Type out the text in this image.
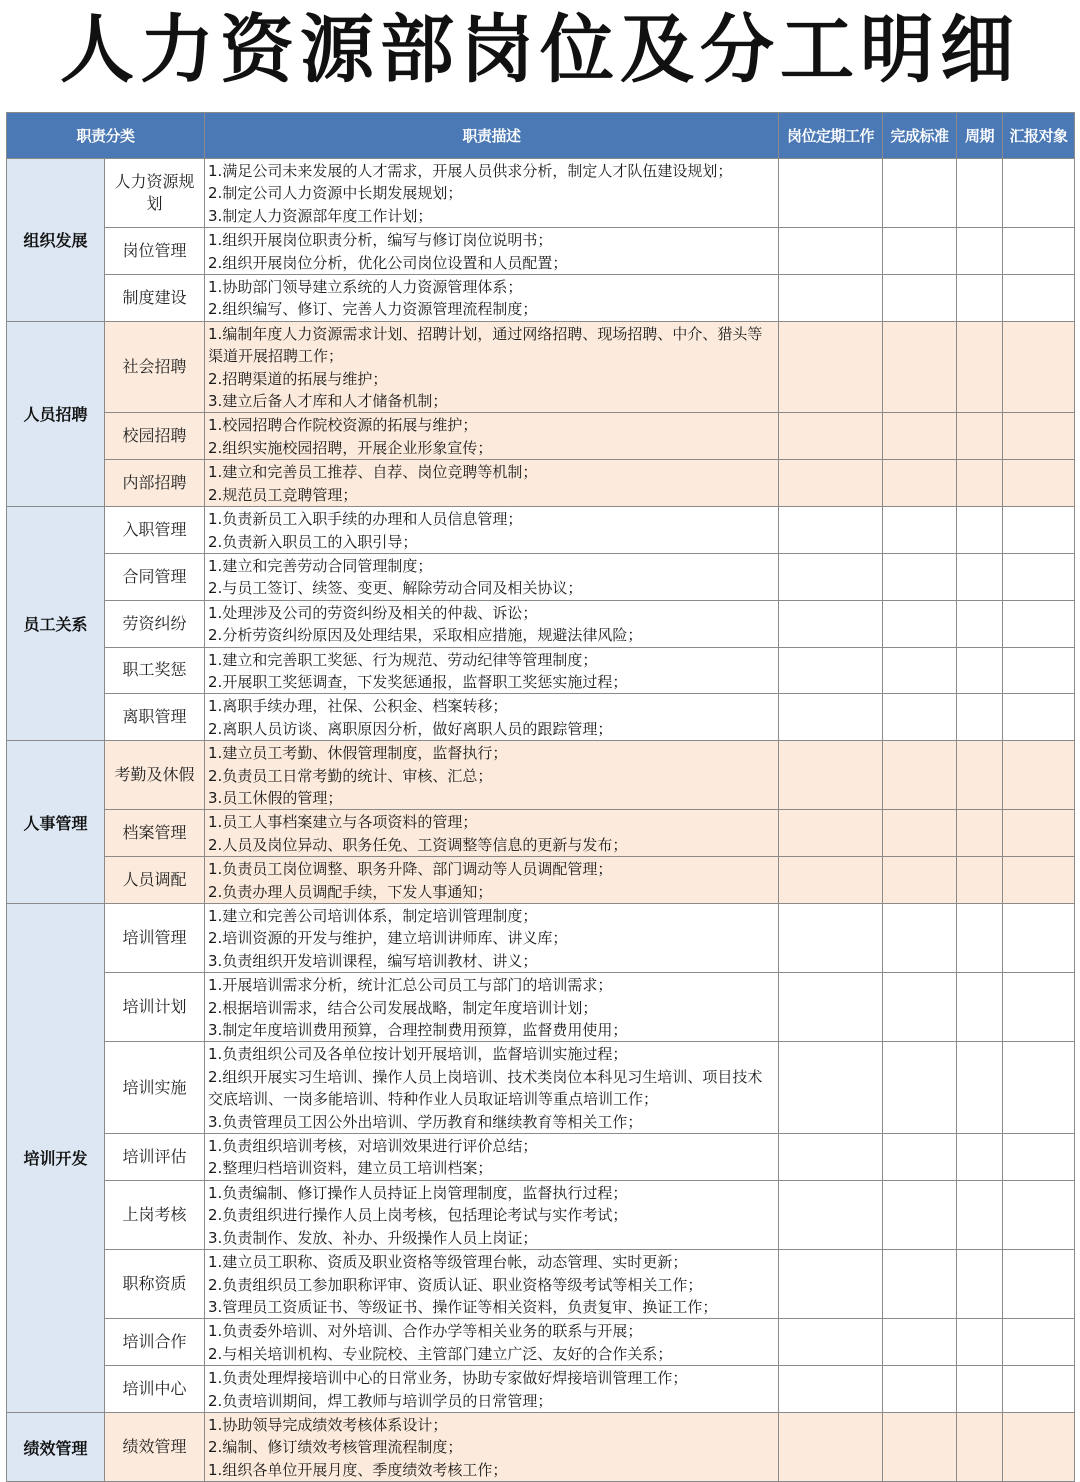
人力资源部岗位及分工明细
职责分类		职责描述	岗位定期工作	完成标准	周期	汇报对象
组织发展	人力资源规划	1.满足公司未来发展的人才需求，开展人员供求分析，制定人才队伍建设规划；
2.制定公司人力资源中长期发展规划；
3.制定人力资源部年度工作计划；				

	岗位管理	1.组织开展岗位职责分析，编写与修订岗位说明书；
2.组织开展岗位分析，优化公司岗位设置和人员配置；				

	制度建设	1.协助部门领导建立系统的人力资源管理体系；
2.组织编写、修订、完善人力资源管理流程制度；				

人员招聘	社会招聘	1.编制年度人力资源需求计划、招聘计划，通过网络招聘、现场招聘、中介、猎头等渠道开展招聘工作；
2.招聘渠道的拓展与维护；
3.建立后备人才库和人才储备机制；				

	校园招聘	1.校园招聘合作院校资源的拓展与维护；
2.组织实施校园招聘，开展企业形象宣传；				

	内部招聘	1.建立和完善员工推荐、自荐、岗位竞聘等机制；
2.规范员工竞聘管理；				

员工关系	入职管理	1.负责新员工入职手续的办理和人员信息管理；
2.负责新入职员工的入职引导；				

	合同管理	1.建立和完善劳动合同管理制度；
2.与员工签订、续签、变更、解除劳动合同及相关协议；				

	劳资纠纷	1.处理涉及公司的劳资纠纷及相关的仲裁、诉讼；
2.分析劳资纠纷原因及处理结果，采取相应措施，规避法律风险；				

	职工奖惩	1.建立和完善职工奖惩、行为规范、劳动纪律等管理制度；
2.开展职工奖惩调查，下发奖惩通报，监督职工奖惩实施过程；				

	离职管理	1.离职手续办理，社保、公积金、档案转移；
2.离职人员访谈、离职原因分析，做好离职人员的跟踪管理；				

人事管理	考勤及休假	1.建立员工考勤、休假管理制度，监督执行；
2.负责员工日常考勤的统计、审核、汇总；
3.员工休假的管理；				

	档案管理	1.员工人事档案建立与各项资料的管理；
2.人员及岗位异动、职务任免、工资调整等信息的更新与发布；				

	人员调配	1.负责员工岗位调整、职务升降、部门调动等人员调配管理；
2.负责办理人员调配手续，下发人事通知；				

培训开发	培训管理	1.建立和完善公司培训体系，制定培训管理制度；
2.培训资源的开发与维护，建立培训讲师库、讲义库；
3.负责组织开发培训课程，编写培训教材、讲义；				

	培训计划	1.开展培训需求分析，统计汇总公司员工与部门的培训需求；
2.根据培训需求，结合公司发展战略，制定年度培训计划；
3.制定年度培训费用预算，合理控制费用预算，监督费用使用；				

	培训实施	1.负责组织公司及各单位按计划开展培训，监督培训实施过程；
2.组织开展实习生培训、操作人员上岗培训、技术类岗位本科见习生培训、项目技术交底培训、一岗多能培训、特种作业人员取证培训等重点培训工作；
3.负责管理员工因公外出培训、学历教育和继续教育等相关工作；				

	培训评估	1.负责组织培训考核，对培训效果进行评价总结；
2.整理归档培训资料，建立员工培训档案；				

	上岗考核	1.负责编制、修订操作人员持证上岗管理制度，监督执行过程；
2.负责组织进行操作人员上岗考核，包括理论考试与实作考试；
3.负责制作、发放、补办、升级操作人员上岗证；				

	职称资质	1.建立员工职称、资质及职业资格等级管理台帐，动态管理、实时更新；
2.负责组织员工参加职称评审、资质认证、职业资格等级考试等相关工作；
3.管理员工资质证书、等级证书、操作证等相关资料，负责复审、换证工作；				

	培训合作	1.负责委外培训、对外培训、合作办学等相关业务的联系与开展；
2.与相关培训机构、专业院校、主管部门建立广泛、友好的合作关系；				

	培训中心	1.负责处理焊接培训中心的日常业务，协助专家做好焊接培训管理工作；
2.负责培训期间，焊工教师与培训学员的日常管理；				

绩效管理	绩效管理	1.协助领导完成绩效考核体系设计；
2.编制、修订绩效考核管理流程制度；
1.组织各单位开展月度、季度绩效考核工作；				
